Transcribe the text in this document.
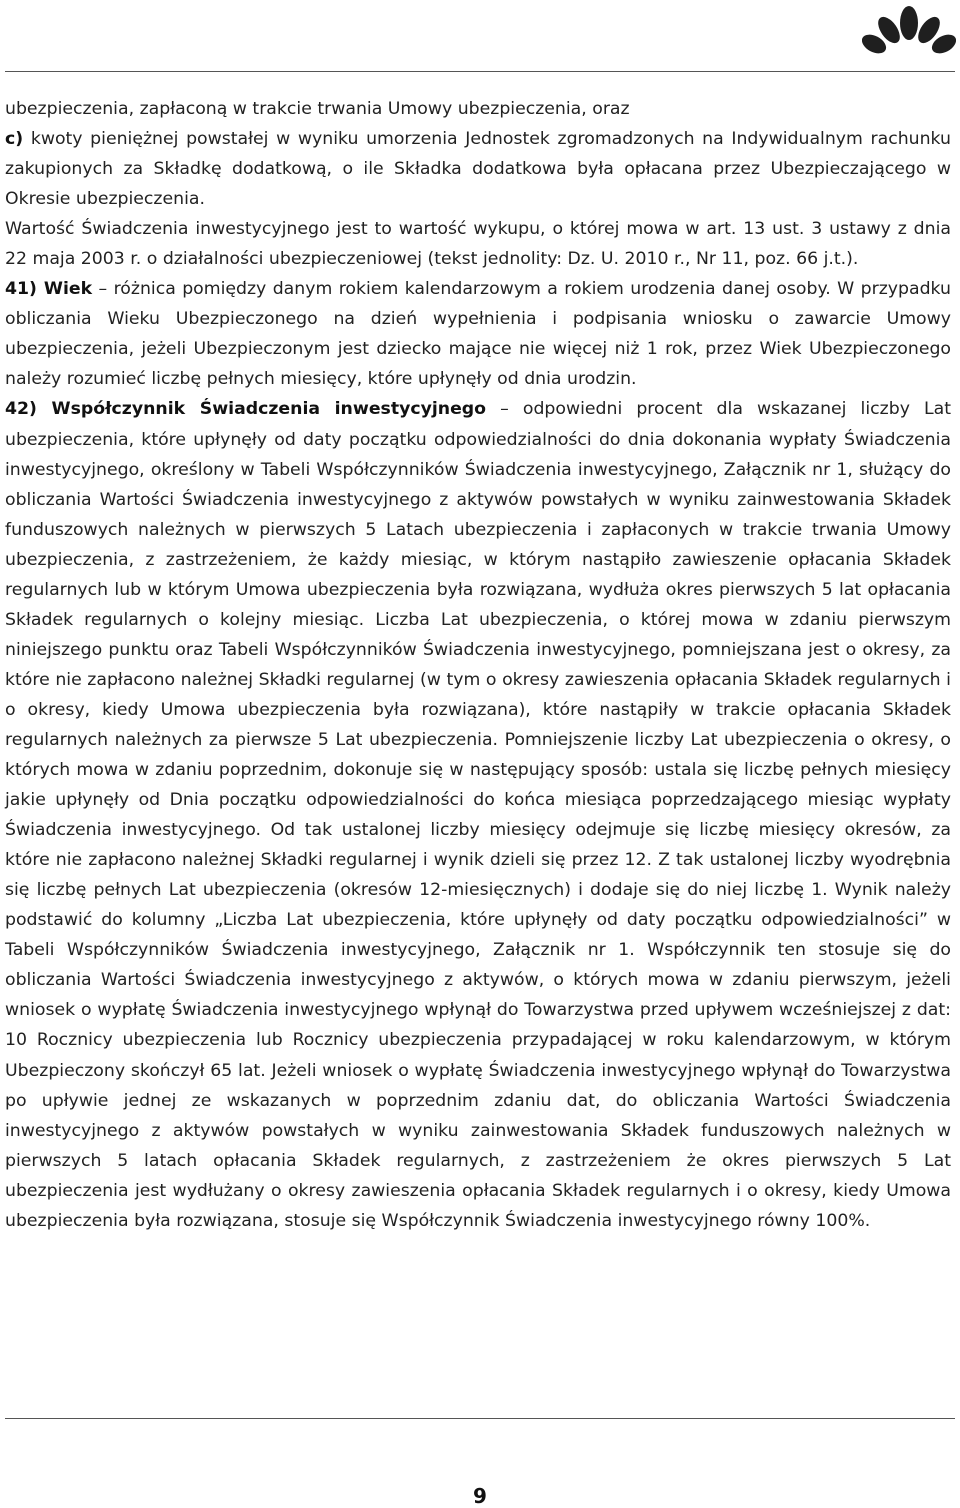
ubezpieczenia, zapłaconą w trakcie trwania Umowy ubezpieczenia, oraz

c) kwoty pieniężnej powstałej w wyniku umorzenia Jednostek zgromadzonych na Indywidualnym rachunku zakupionych za Składkę dodatkową, o ile Składka dodatkowa była opłacana przez Ubezpieczającego w Okresie ubezpieczenia.

Wartość Świadczenia inwestycyjnego jest to wartość wykupu, o której mowa w art. 13 ust. 3 ustawy z dnia 22 maja 2003 r. o działalności ubezpieczeniowej (tekst jednolity: Dz. U. 2010 r., Nr 11, poz. 66 j.t.).

41) Wiek – różnica pomiędzy danym rokiem kalendarzowym a rokiem urodzenia danej osoby. W przypadku obliczania Wieku Ubezpieczonego na dzień wypełnienia i podpisania wniosku o zawarcie Umowy ubezpieczenia, jeżeli Ubezpieczonym jest dziecko mające nie więcej niż 1 rok, przez Wiek Ubezpieczonego należy rozumieć liczbę pełnych miesięcy, które upłynęły od dnia urodzin.

42) Współczynnik Świadczenia inwestycyjnego – odpowiedni procent dla wskazanej liczby Lat ubezpieczenia, które upłynęły od daty początku odpowiedzialności do dnia dokonania wypłaty Świadczenia inwestycyjnego, określony w Tabeli Współczynników Świadczenia inwestycyjnego, Załącznik nr 1, służący do obliczania Wartości Świadczenia inwestycyjnego z aktywów powstałych w wyniku zainwestowania Składek funduszowych należnych w pierwszych 5 Latach ubezpieczenia i zapłaconych w trakcie trwania Umowy ubezpieczenia, z zastrzeżeniem, że każdy miesiąc, w którym nastąpiło zawieszenie opłacania Składek regularnych lub w którym Umowa ubezpieczenia była rozwiązana, wydłuża okres pierwszych 5 lat opłacania Składek regularnych o kolejny miesiąc. Liczba Lat ubezpieczenia, o której mowa w zdaniu pierwszym niniejszego punktu oraz Tabeli Współczynników Świadczenia inwestycyjnego, pomniejszana jest o okresy, za które nie zapłacono należnej Składki regularnej (w tym o okresy zawieszenia opłacania Składek regularnych i o okresy, kiedy Umowa ubezpieczenia była rozwiązana), które nastąpiły w trakcie opłacania Składek regularnych należnych za pierwsze 5 Lat ubezpieczenia. Pomniejszenie liczby Lat ubezpieczenia o okresy, o których mowa w zdaniu poprzednim, dokonuje się w następujący sposób: ustala się liczbę pełnych miesięcy jakie upłynęły od Dnia początku odpowiedzialności do końca miesiąca poprzedzającego miesiąc wypłaty Świadczenia inwestycyjnego. Od tak ustalonej liczby miesięcy odejmuje się liczbę miesięcy okresów, za które nie zapłacono należnej Składki regularnej i wynik dzieli się przez 12. Z tak ustalonej liczby wyodrębnia się liczbę pełnych Lat ubezpieczenia (okresów 12-miesięcznych) i dodaje się do niej liczbę 1. Wynik należy podstawić do kolumny „Liczba Lat ubezpieczenia, które upłynęły od daty początku odpowiedzialności” w Tabeli Współczynników Świadczenia inwestycyjnego, Załącznik nr 1. Współczynnik ten stosuje się do obliczania Wartości Świadczenia inwestycyjnego z aktywów, o których mowa w zdaniu pierwszym, jeżeli wniosek o wypłatę Świadczenia inwestycyjnego wpłynął do Towarzystwa przed upływem wcześniejszej z dat: 10 Rocznicy ubezpieczenia lub Rocznicy ubezpieczenia przypadającej w roku kalendarzowym, w którym Ubezpieczony skończył 65 lat. Jeżeli wniosek o wypłatę Świadczenia inwestycyjnego wpłynął do Towarzystwa po upływie jednej ze wskazanych w poprzednim zdaniu dat, do obliczania Wartości Świadczenia inwestycyjnego z aktywów powstałych w wyniku zainwestowania Składek funduszowych należnych w pierwszych 5 latach opłacania Składek regularnych, z zastrzeżeniem że okres pierwszych 5 Lat ubezpieczenia jest wydłużany o okresy zawieszenia opłacania Składek regularnych i o okresy, kiedy Umowa ubezpieczenia była rozwiązana, stosuje się Współczynnik Świadczenia inwestycyjnego równy 100%.

9
